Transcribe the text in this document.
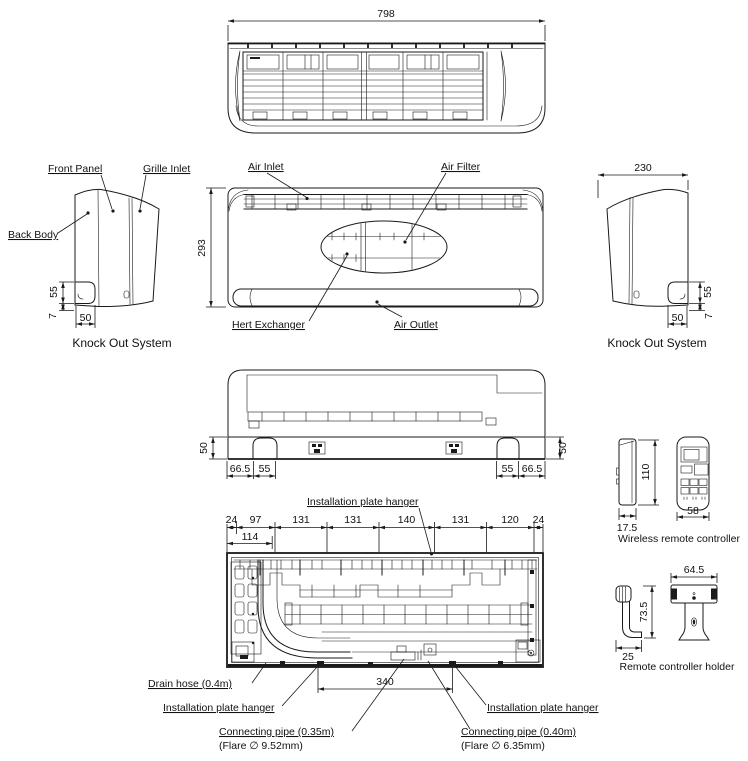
798
55
7 50
Front Panel	Grille Inlet
Back Body
Knock Out System
293
Air Inlet	Air Filter
Hert Exchanger	Air Outlet
230
55
7
50
Knock Out System
50	50
66.5 55	55 66.5
Installation plate hanger
24 97	131	131	140	131	120 24
114
340
Drain hose (0.4m)
Installation plate hanger	Installation plate hanger
Connecting pipe (0.35m)
(Flare ∅ 9.52mm)
Connecting pipe (0.40m)
(Flare ∅ 6.35mm)
110
17.5
58
Wireless remote controller
64.5
73.5
25
Remote controller holder
